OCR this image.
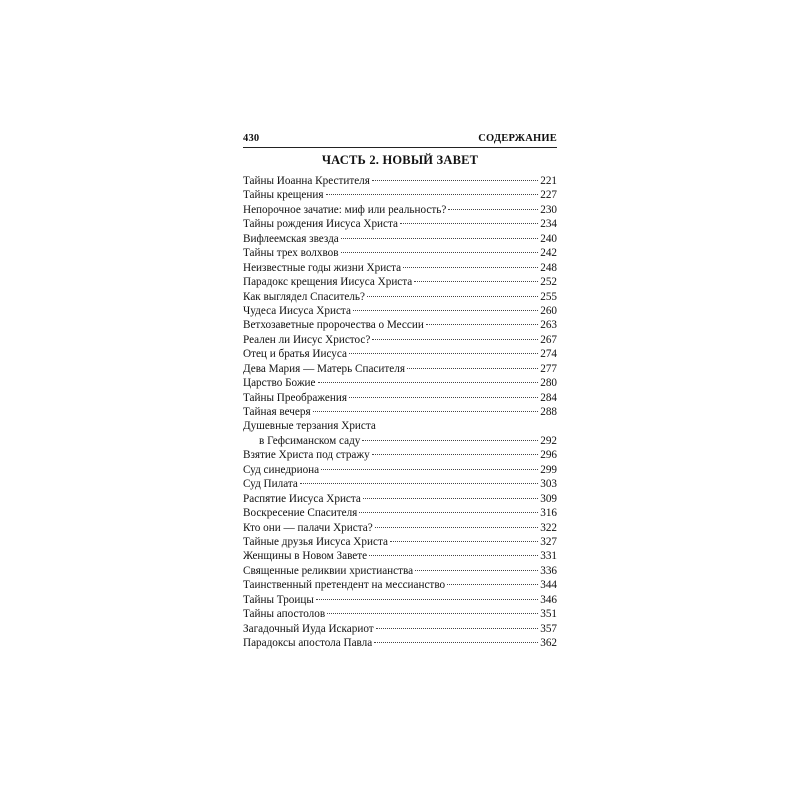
430	СОДЕРЖАНИЕ
ЧАСТЬ 2. НОВЫЙ ЗАВЕТ
Тайны Иоанна Крестителя	221
Тайны крещения	227
Непорочное зачатие: миф или реальность?	230
Тайны рождения Иисуса Христа	234
Вифлеемская звезда	240
Тайны трех волхвов	242
Неизвестные годы жизни Христа	248
Парадокс крещения Иисуса Христа	252
Как выглядел Спаситель?	255
Чудеса Иисуса Христа	260
Ветхозаветные пророчества о Мессии	263
Реален ли Иисус Христос?	267
Отец и братья Иисуса	274
Дева Мария — Матерь Спасителя	277
Царство Божие	280
Тайны Преображения	284
Тайная вечеря	288
Душевные терзания Христа
в Гефсиманском саду	292
Взятие Христа под стражу	296
Суд синедриона	299
Суд Пилата	303
Распятие Иисуса Христа	309
Воскресение Спасителя	316
Кто они — палачи Христа?	322
Тайные друзья Иисуса Христа	327
Женщины в Новом Завете	331
Священные реликвии христианства	336
Таинственный претендент на мессианство	344
Тайны Троицы	346
Тайны апостолов	351
Загадочный Иуда Искариот	357
Парадоксы апостола Павла	362
